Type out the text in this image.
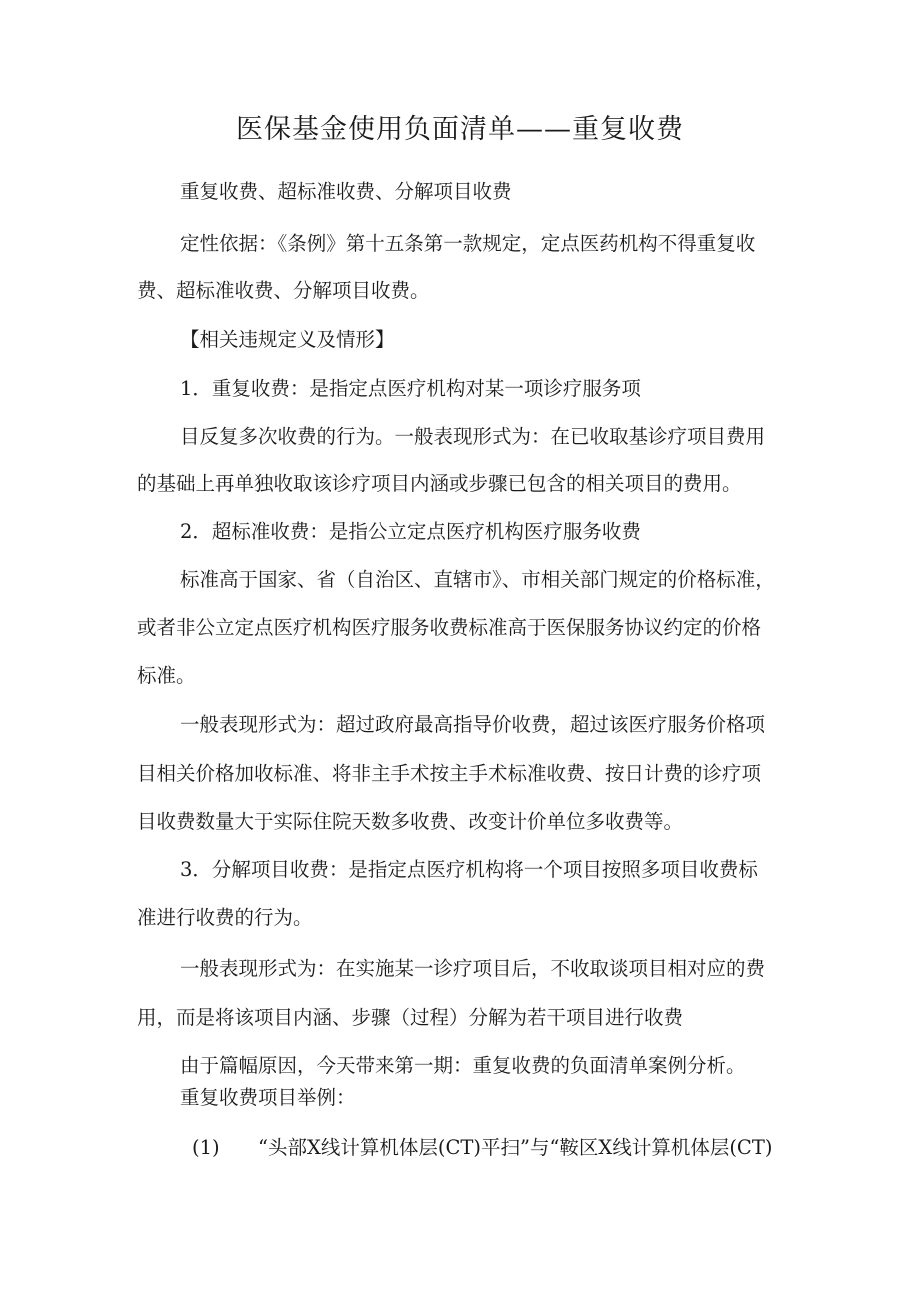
医保基金使用负面清单——重复收费
重复收费、超标准收费、分解项目收费
定性依据：《条例》第十五条第一款规定，定点医药机构不得重复收
费、超标准收费、分解项目收费。
【相关违规定义及情形】
1．重复收费：是指定点医疗机构对某一项诊疗服务项
目反复多次收费的行为。一般表现形式为：在已收取基诊疗项目费用
的基础上再单独收取该诊疗项目内涵或步骤已包含的相关项目的费用。
2．超标准收费：是指公立定点医疗机构医疗服务收费
标准高于国家、省（自治区、直辖市》、市相关部门规定的价格标准，
或者非公立定点医疗机构医疗服务收费标准高于医保服务协议约定的价格
标准。
一般表现形式为：超过政府最高指导价收费，超过该医疗服务价格项
目相关价格加收标准、将非主手术按主手术标准收费、按日计费的诊疗项
目收费数量大于实际住院天数多收费、改变计价单位多收费等。
3．分解项目收费：是指定点医疗机构将一个项目按照多项目收费标
准进行收费的行为。
一般表现形式为：在实施某一诊疗项目后，不收取谈项目相对应的费
用，而是将该项目内涵、步骤（过程）分解为若干项目进行收费
由于篇幅原因，今天带来第一期：重复收费的负面清单案例分析。
重复收费项目举例：
(1) “头部X线计算机体层(CT)平扫”与“鞍区X线计算机体层(CT)
